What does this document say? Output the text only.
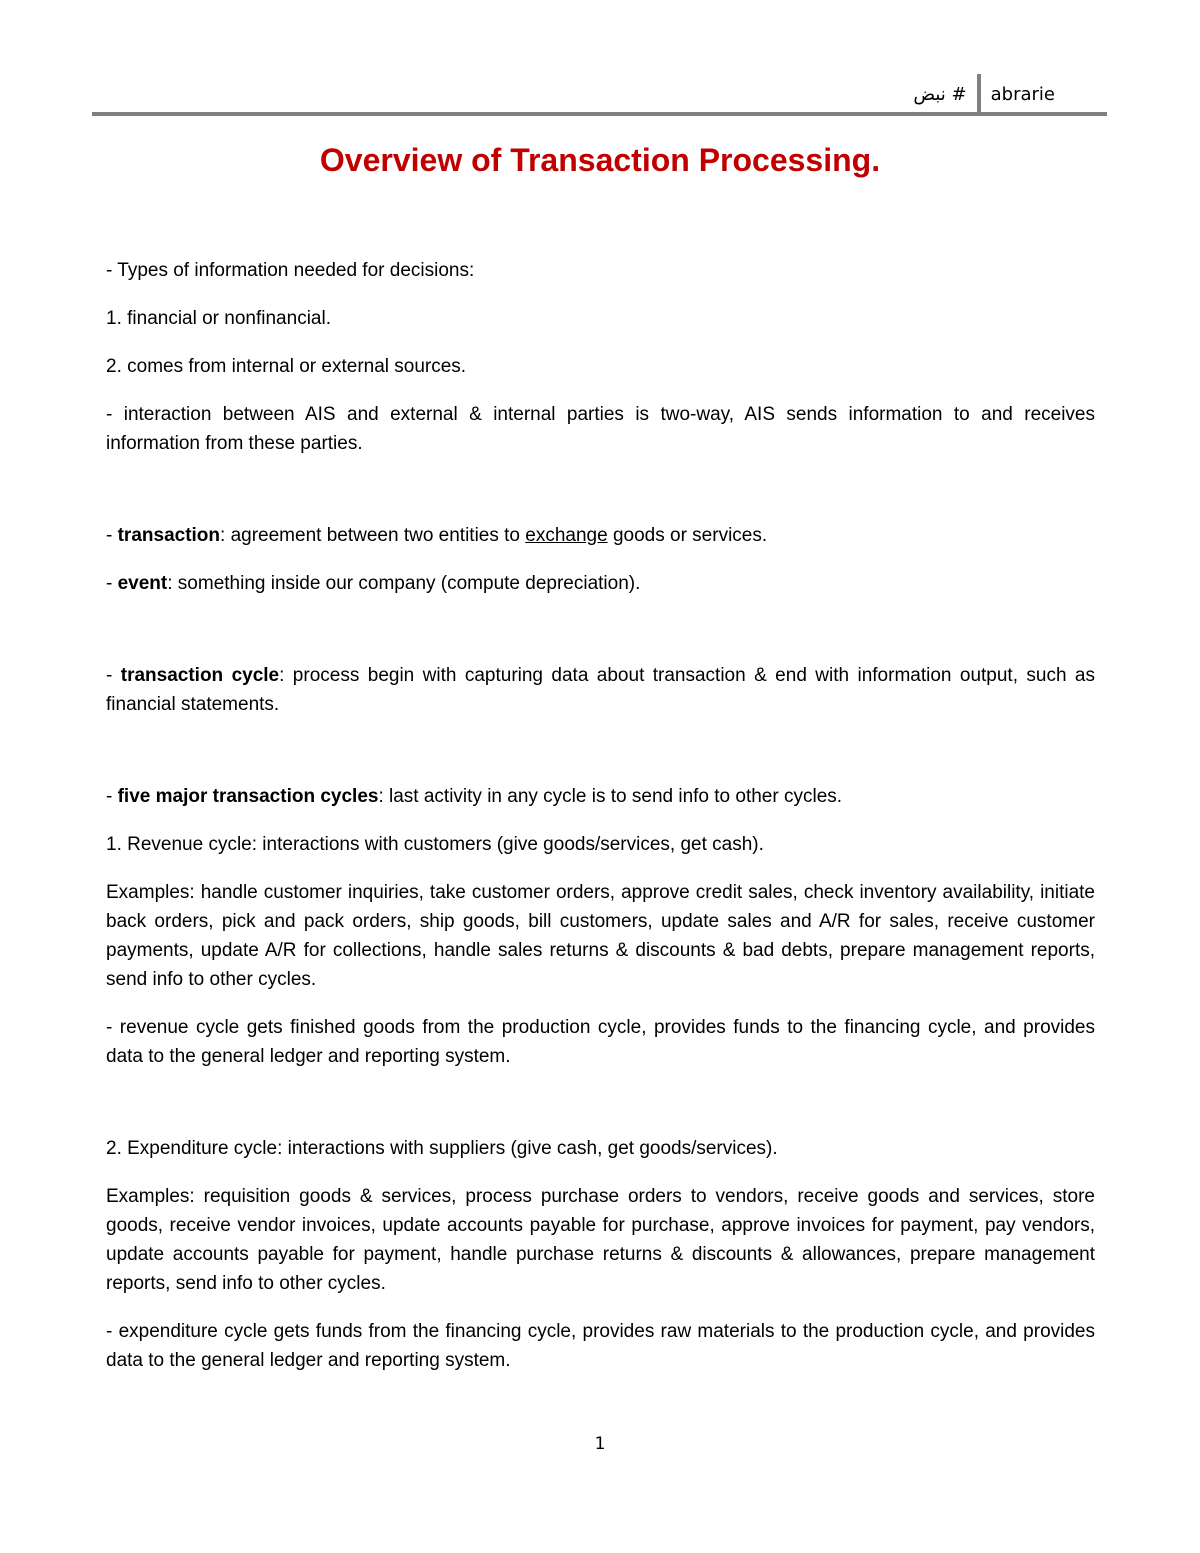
# نبض	abrarie
Overview of Transaction Processing.

- Types of information needed for decisions:

1. financial or nonfinancial.

2. comes from internal or external sources.

- interaction between AIS and external & internal parties is two-way, AIS sends information to and receives information from these parties.

- transaction: agreement between two entities to exchange goods or services.

- event: something inside our company (compute depreciation).

- transaction cycle: process begin with capturing data about transaction & end with information output, such as financial statements.

- five major transaction cycles: last activity in any cycle is to send info to other cycles.

1. Revenue cycle: interactions with customers (give goods/services, get cash).

Examples: handle customer inquiries, take customer orders, approve credit sales, check inventory availability, initiate back orders, pick and pack orders, ship goods, bill customers, update sales and A/R for sales, receive customer payments, update A/R for collections, handle sales returns & discounts & bad debts, prepare management reports, send info to other cycles.

- revenue cycle gets finished goods from the production cycle, provides funds to the financing cycle, and provides data to the general ledger and reporting system.

2. Expenditure cycle: interactions with suppliers (give cash, get goods/services).

Examples: requisition goods & services, process purchase orders to vendors, receive goods and services, store goods, receive vendor invoices, update accounts payable for purchase, approve invoices for payment, pay vendors, update accounts payable for payment, handle purchase returns & discounts & allowances, prepare management reports, send info to other cycles.

- expenditure cycle gets funds from the financing cycle, provides raw materials to the production cycle, and provides data to the general ledger and reporting system.

1
